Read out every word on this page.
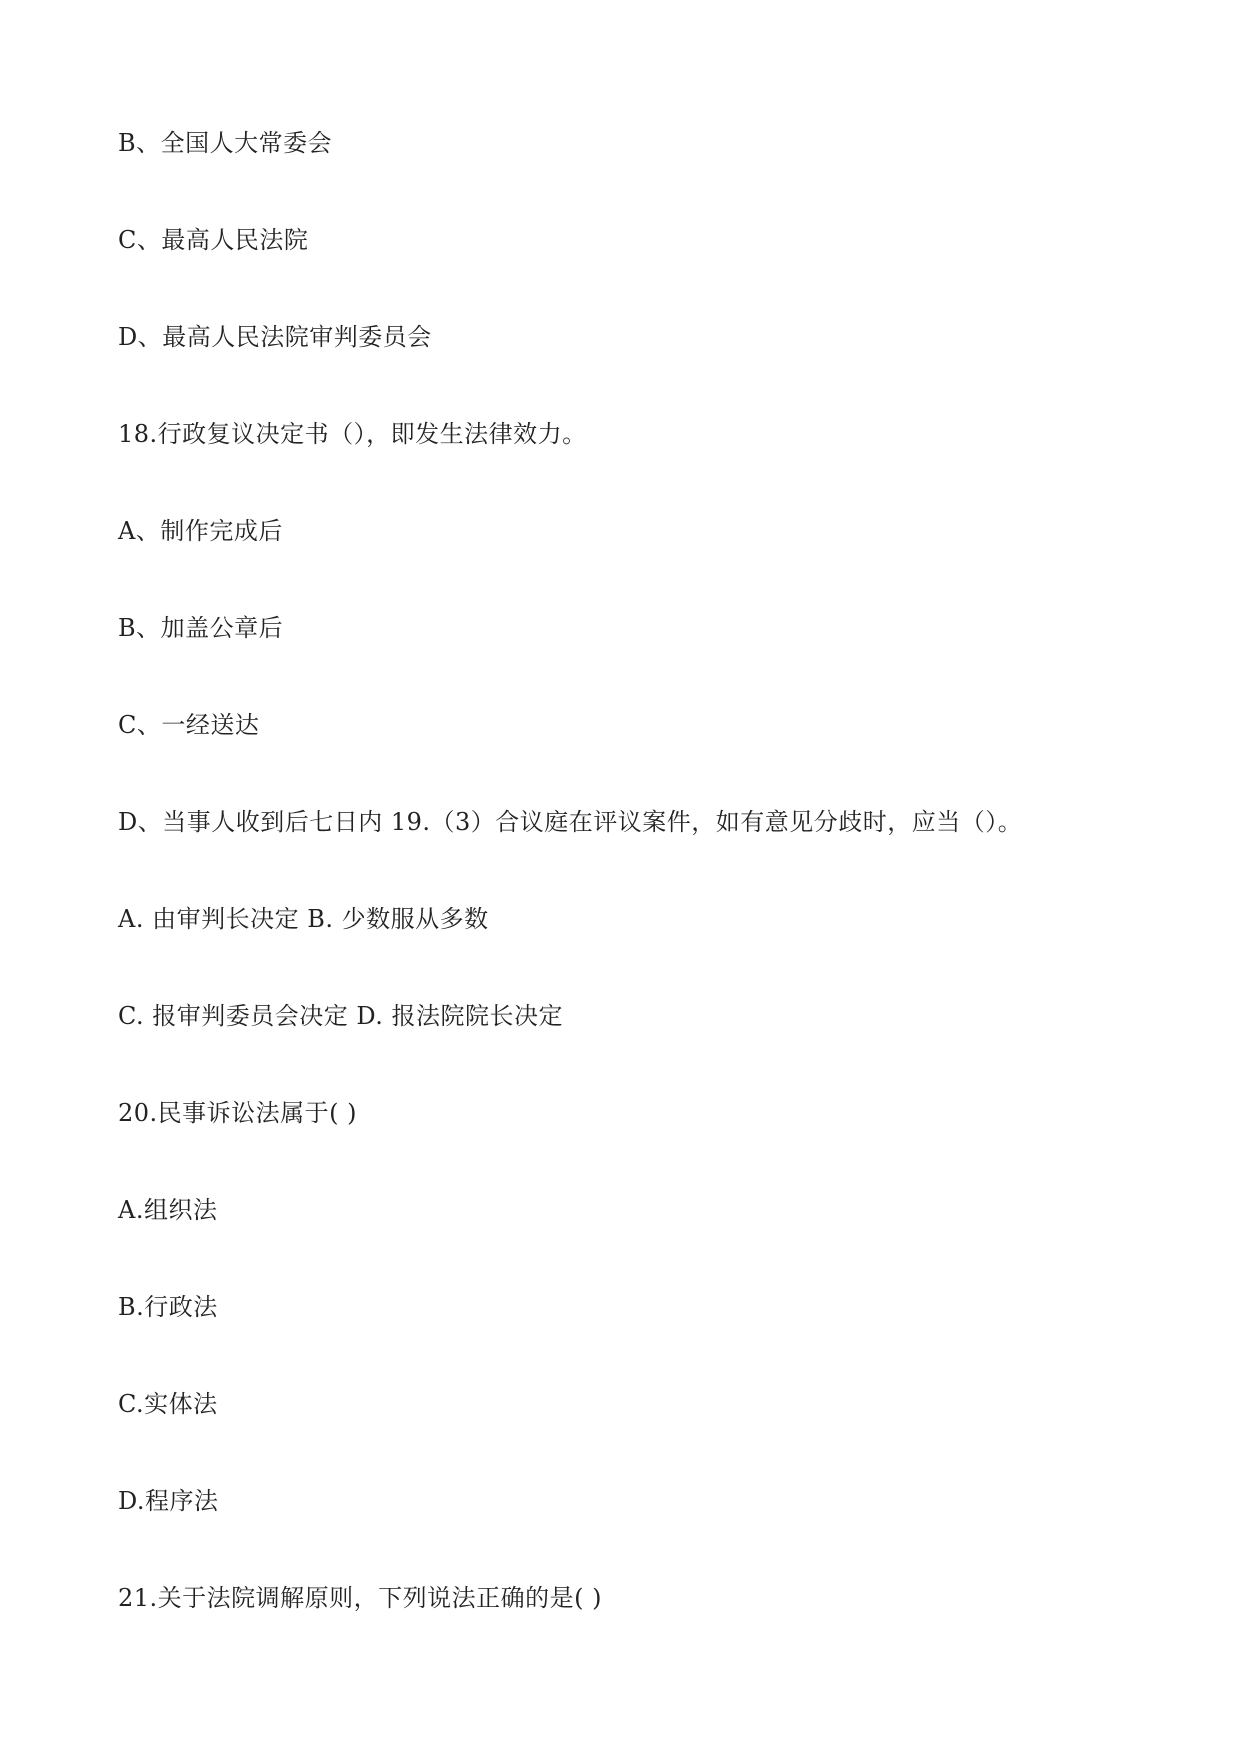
B、全国人大常委会
C、最高人民法院
D、最高人民法院审判委员会
18.行政复议决定书（），即发生法律效力。
A、制作完成后
B、加盖公章后
C、一经送达
D、当事人收到后七日内 19.（3）合议庭在评议案件，如有意见分歧时，应当（）。
A. 由审判长决定 B. 少数服从多数
C. 报审判委员会决定 D. 报法院院长决定
20.民事诉讼法属于( )
A.组织法
B.行政法
C.实体法
D.程序法
21.关于法院调解原则，下列说法正确的是( )
